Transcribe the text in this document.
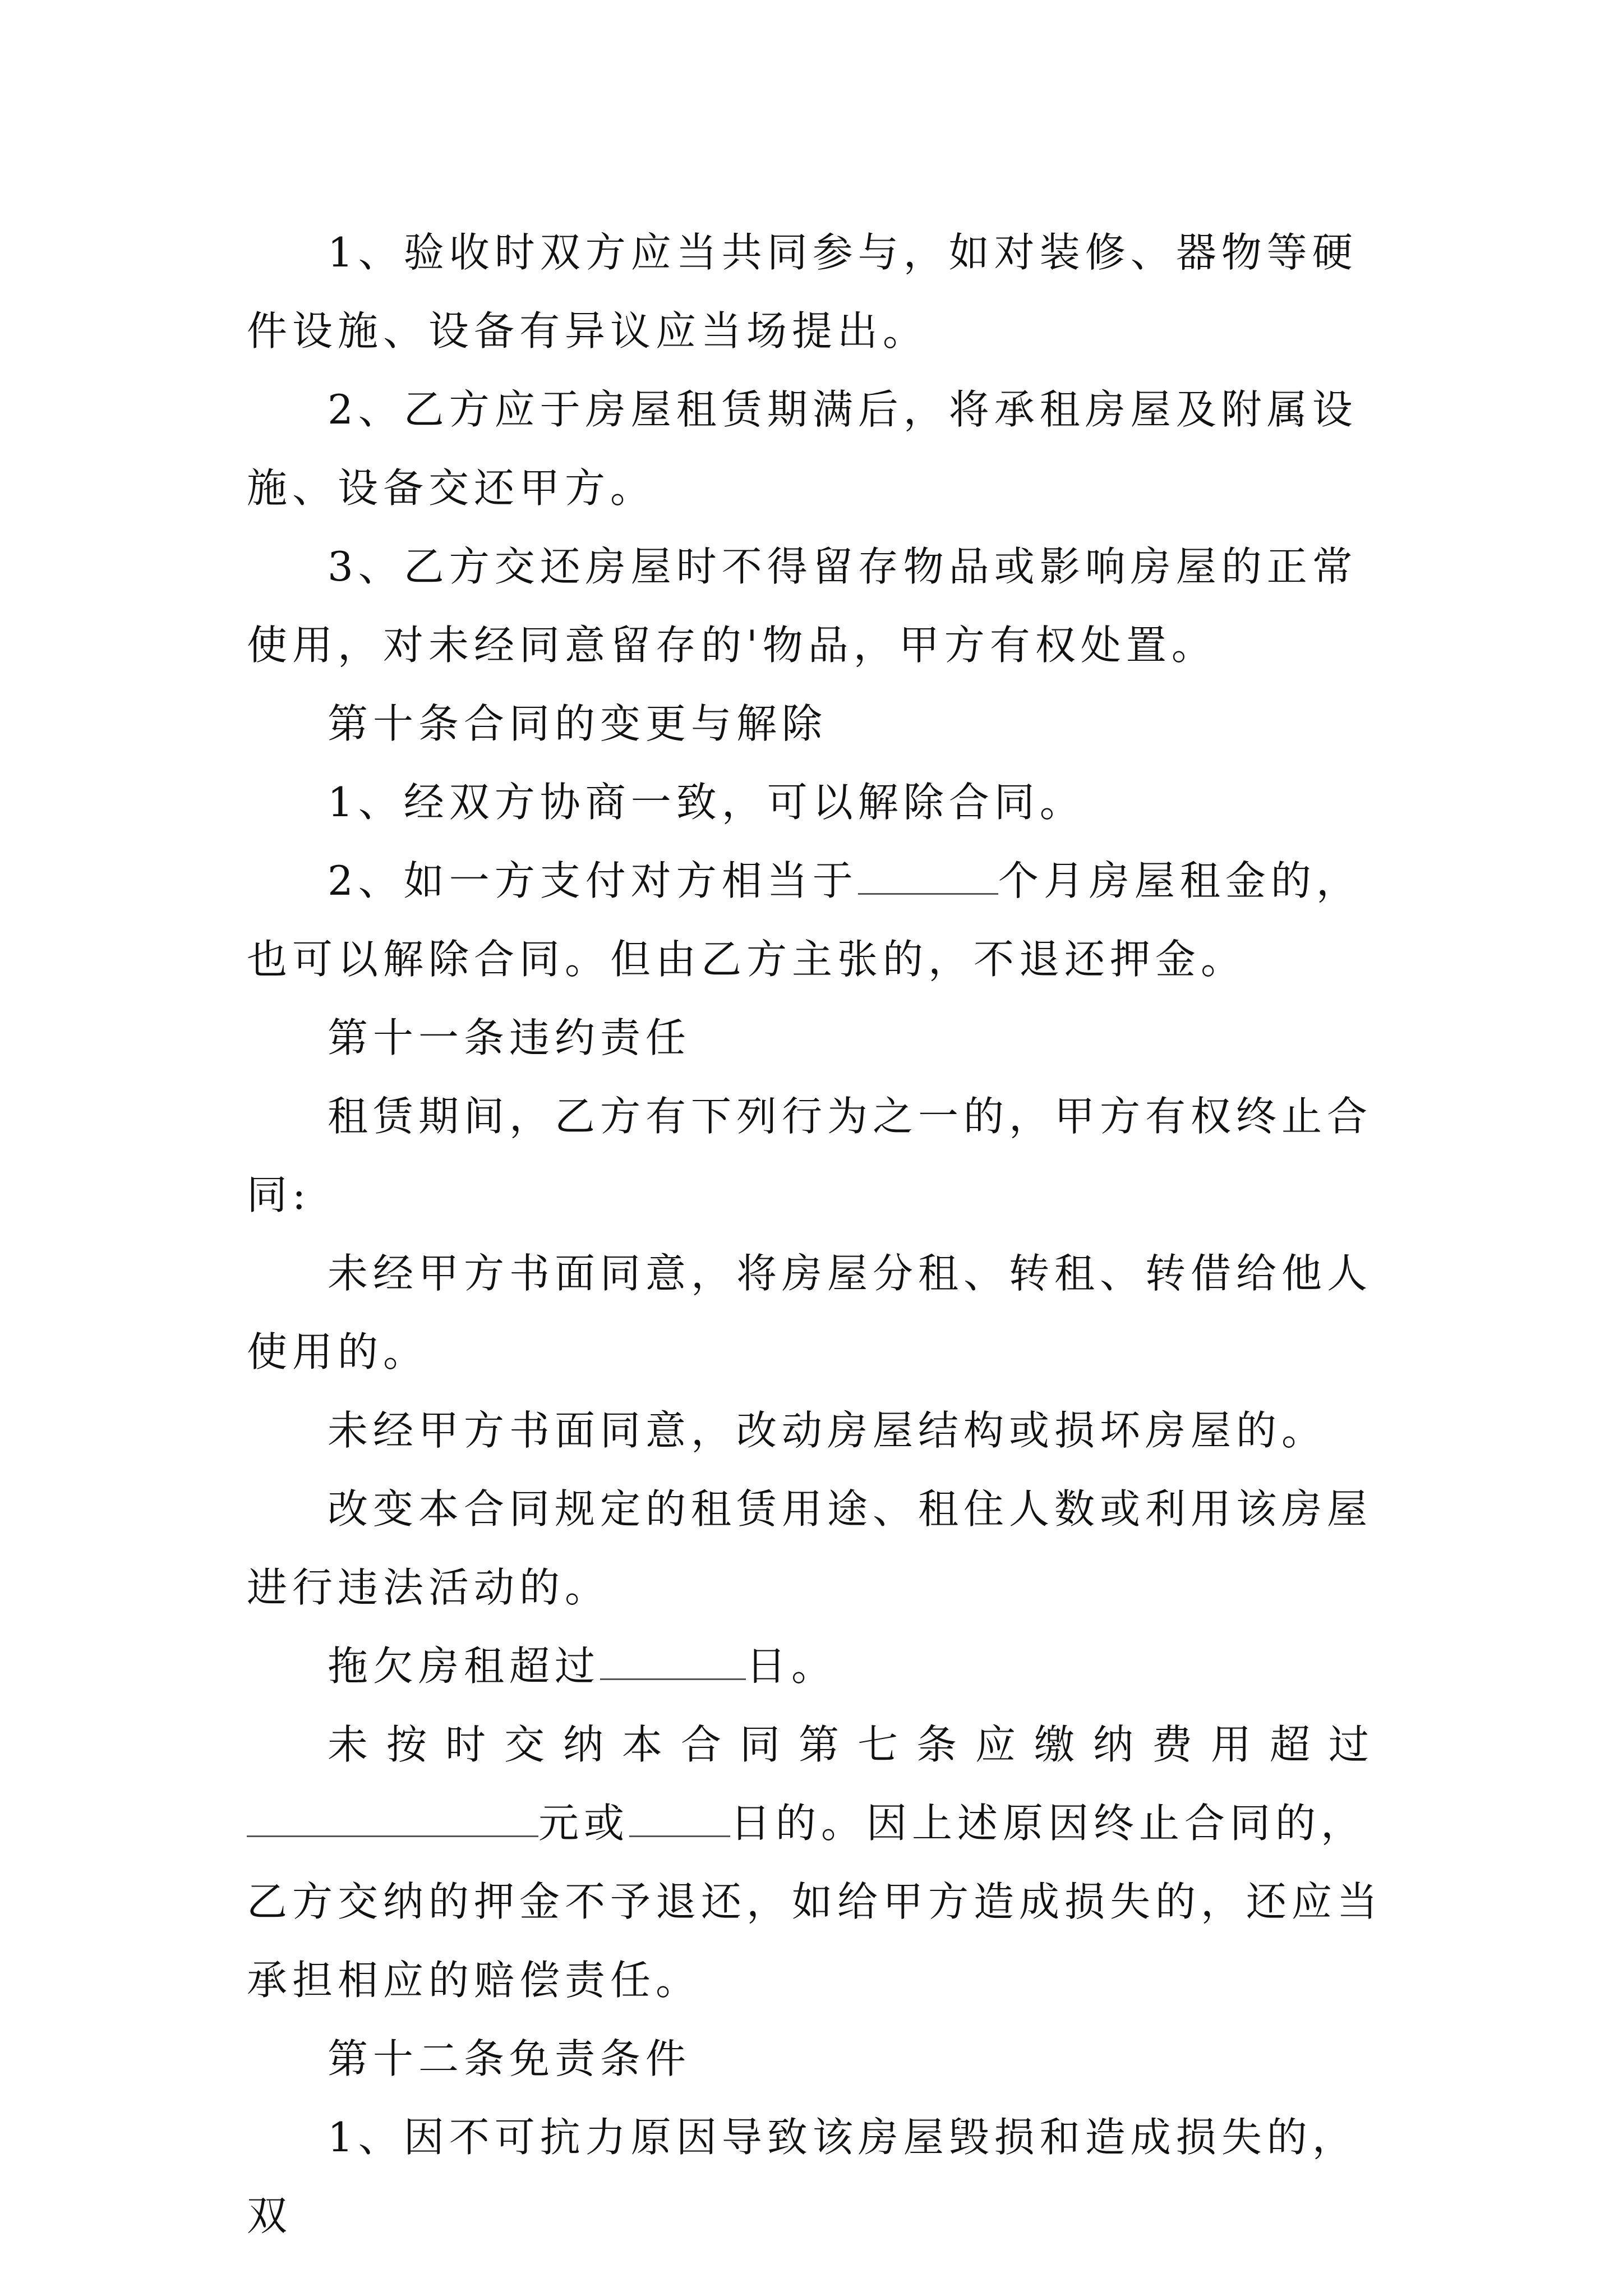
1、验收时双方应当共同参与，如对装修、器物等硬件设施、设备有异议应当场提出。

2、乙方应于房屋租赁期满后，将承租房屋及附属设施、设备交还甲方。

3、乙方交还房屋时不得留存物品或影响房屋的正常使用，对未经同意留存的'物品，甲方有权处置。

第十条合同的变更与解除

1、经双方协商一致，可以解除合同。

2、如一方支付对方相当于	个月房屋租金的，也可以解除合同。但由乙方主张的，不退还押金。

第十一条违约责任

租赁期间，乙方有下列行为之一的，甲方有权终止合同:

未经甲方书面同意，将房屋分租、转租、转借给他人使用的。

未经甲方书面同意，改动房屋结构或损坏房屋的。

改变本合同规定的租赁用途、租住人数或利用该房屋进行违法活动的。

拖欠房租超过	日。

未按时交纳本合同第七条应缴纳费用超过元或	日的。因上述原因终止合同的，乙方交纳的押金不予退还，如给甲方造成损失的，还应当承担相应的赔偿责任。

第十二条免责条件

1、因不可抗力原因导致该房屋毁损和造成损失的，双
